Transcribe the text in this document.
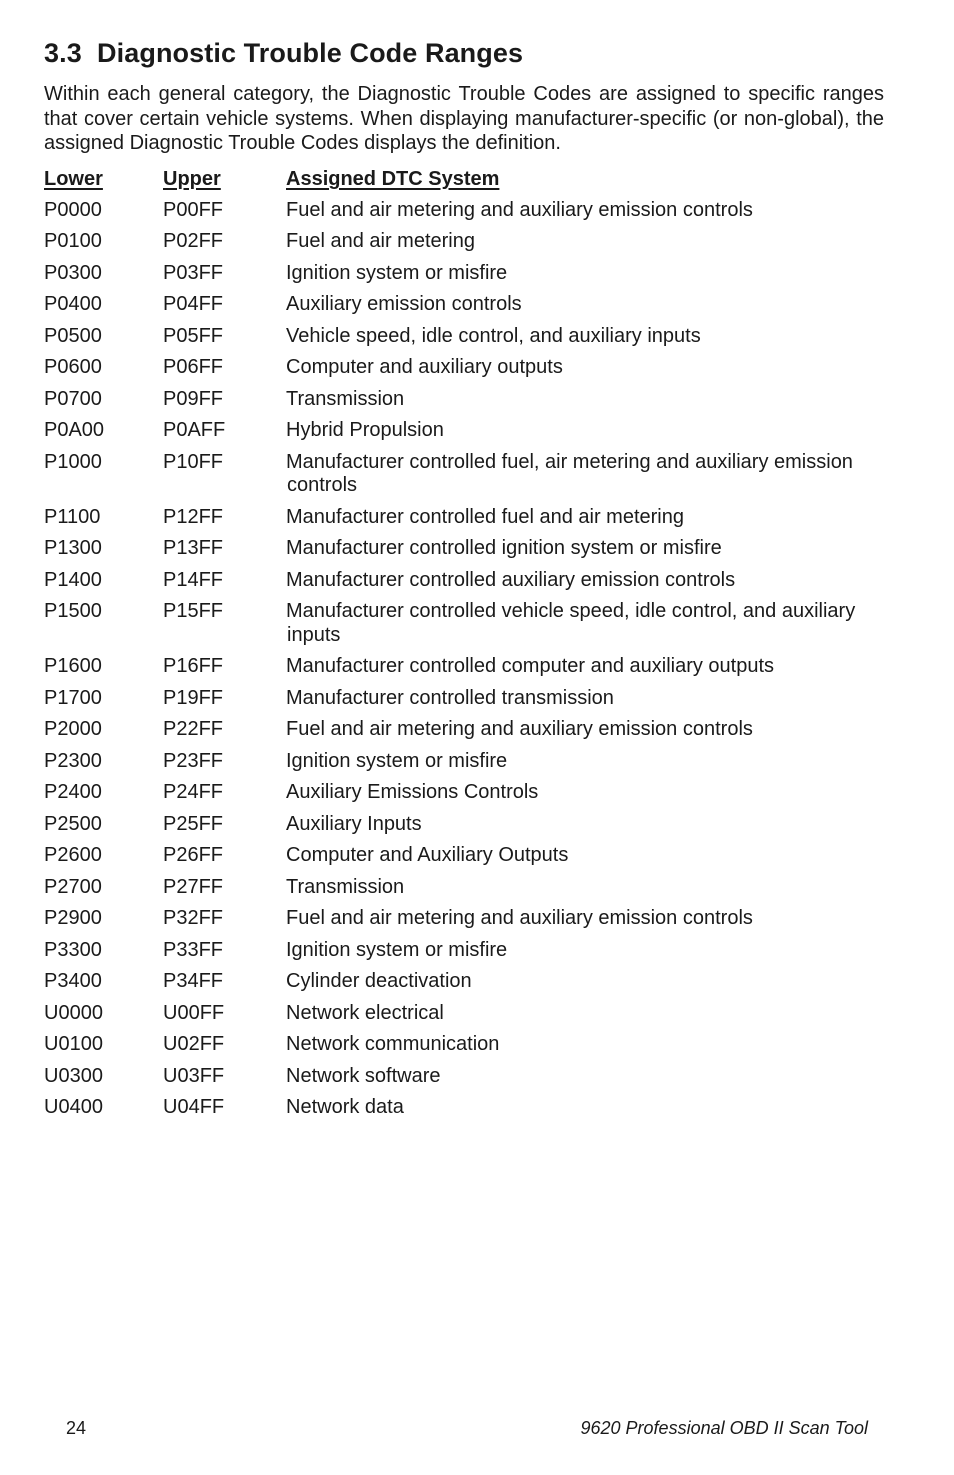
3.3  Diagnostic Trouble Code Ranges

Within each general category, the Diagnostic Trouble Codes are assigned to specific ranges that cover certain vehicle systems. When displaying manufacturer-specific (or non-global), the assigned Diagnostic Trouble Codes displays the definition.

Lower	Upper	Assigned DTC System
P0000	P00FF	Fuel and air metering and auxiliary emission controls
P0100	P02FF	Fuel and air metering
P0300	P03FF	Ignition system or misfire
P0400	P04FF	Auxiliary emission controls
P0500	P05FF	Vehicle speed, idle control, and auxiliary inputs
P0600	P06FF	Computer and auxiliary outputs
P0700	P09FF	Transmission
P0A00	P0AFF	Hybrid Propulsion
P1000	P10FF	Manufacturer controlled fuel, air metering and auxiliary emission
controls
P1100	P12FF	Manufacturer controlled fuel and air metering
P1300	P13FF	Manufacturer controlled ignition system or misfire
P1400	P14FF	Manufacturer controlled auxiliary emission controls
P1500	P15FF	Manufacturer controlled vehicle speed, idle control, and auxiliary
inputs
P1600	P16FF	Manufacturer controlled computer and auxiliary outputs
P1700	P19FF	Manufacturer controlled transmission
P2000	P22FF	Fuel and air metering and auxiliary emission controls
P2300	P23FF	Ignition system or misfire
P2400	P24FF	Auxiliary Emissions Controls
P2500	P25FF	Auxiliary Inputs
P2600	P26FF	Computer and Auxiliary Outputs
P2700	P27FF	Transmission
P2900	P32FF	Fuel and air metering and auxiliary emission controls
P3300	P33FF	Ignition system or misfire
P3400	P34FF	Cylinder deactivation
U0000	U00FF	Network electrical
U0100	U02FF	Network communication
U0300	U03FF	Network software
U0400	U04FF	Network data
24	9620 Professional OBD II Scan Tool
